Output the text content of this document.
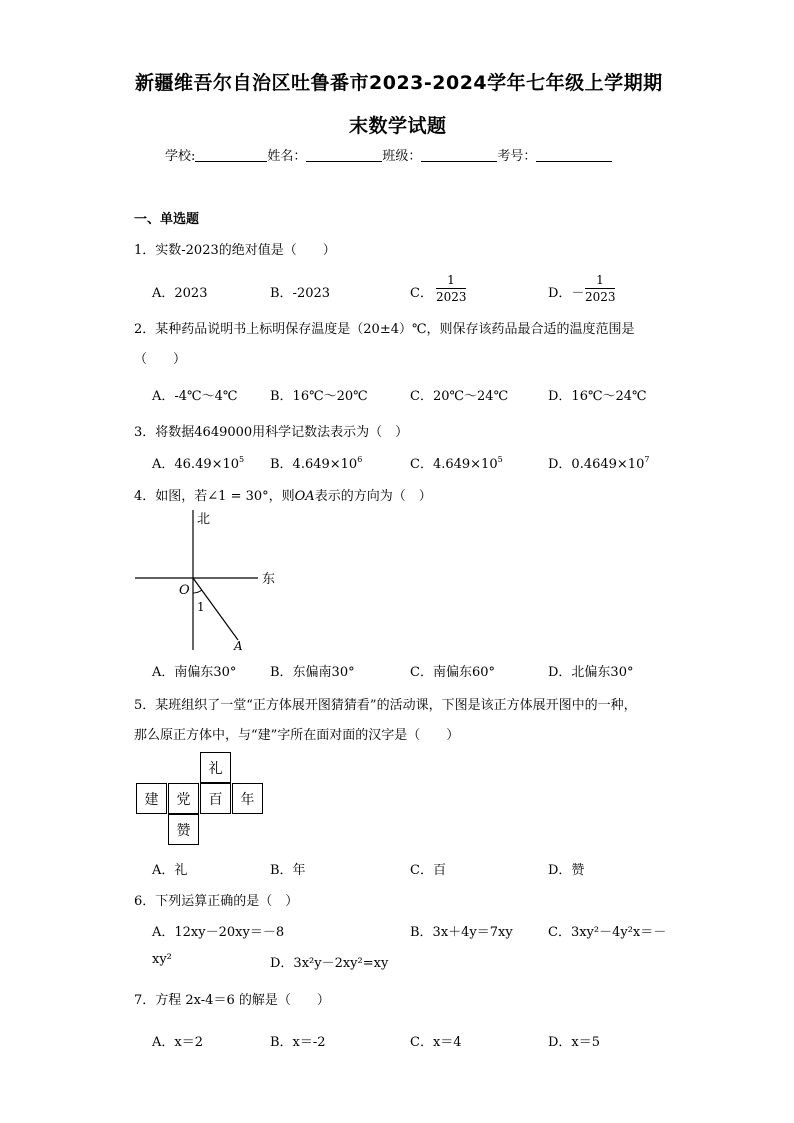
新疆维吾尔自治区吐鲁番市2023-2024学年七年级上学期期
末数学试题
学校:	姓名：	班级：	考号：
一、单选题
1．实数-2023的绝对值是（　　）
A．2023	B．-2023	C．
1
2023	D．－
1
2023
2．某种药品说明书上标明保存温度是（20±4）℃，则保存该药品最合适的温度范围是
（　　）
A．-4℃～4℃	B．16℃～20℃	C．20℃～24℃	D．16℃～24℃
3．将数据4649000用科学记数法表示为（　）
A．$46.49\times 10^5$ B．$4.649\times 10^6$	C．$4.649\times 10^5$	D．$0.4649\times 10^7$
4．如图，若∠1 = 30°，则OA表示的方向为（　）
北
东
O
1
A
A．南偏东30°	B．东偏南30°	C．南偏东60°	D．北偏东30°
5．某班组织了一堂“正方体展开图猜猜看”的活动课，下图是该正方体展开图中的一种，
那么原正方体中，与“建”字所在面对面的汉字是（　　）
礼
建	党	百	年
赞
A．礼	B．年	C．百	D．赞
6．下列运算正确的是（　）
A．12xy－20xy＝－8	B．3x＋4y＝7xy	C．3xy²－4y²x＝－
xy²	D．3x²y－2xy²=xy
7．方程 2x-4＝6 的解是（　　）
A．x＝2	B．x＝-2	C．x＝4	D．x＝5
